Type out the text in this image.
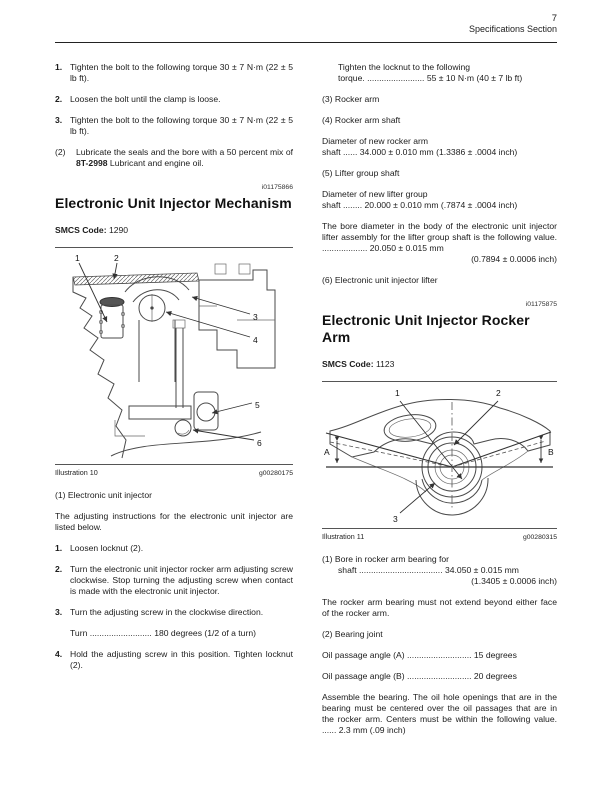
7
Specifications Section
1. Tighten the bolt to the following torque 30 ± 7 N·m (22 ± 5 lb ft).
2. Loosen the bolt until the clamp is loose.
3. Tighten the bolt to the following torque 30 ± 7 N·m (22 ± 5 lb ft).
(2)	Lubricate the seals and the bore with a 50 percent mix of 8T-2998 Lubricant and engine oil.
i01175866
Electronic Unit Injector Mechanism
SMCS Code: 1290
1	2
3
4
5
6
Illustration 10	g00280175

(1) Electronic unit injector

The adjusting instructions for the electronic unit injector are listed below.

1. Loosen locknut (2).
2. Turn the electronic unit injector rocker arm adjusting screw clockwise. Stop turning the adjusting screw when contact is made with the electronic unit injector.
3. Turn the adjusting screw in the clockwise direction.
Turn .......................... 180 degrees (1/2 of a turn)
4. Hold the adjusting screw in this position. Tighten locknut (2).
Tighten the locknut to the following
torque. ........................ 55 ± 10 N·m (40 ± 7 lb ft)

(3) Rocker arm

(4) Rocker arm shaft

Diameter of new rocker arm
shaft ...... 34.000 ± 0.010 mm (1.3386 ± .0004 inch)

(5) Lifter group shaft

Diameter of new lifter group
shaft ........ 20.000 ± 0.010 mm (.7874 ± .0004 inch)
The bore diameter in the body of the electronic unit injector lifter assembly for the lifter group shaft is the following value. ................... 20.050 ± 0.015 mm
(0.7894 ± 0.0006 inch)

(6) Electronic unit injector lifter

i01175875
Electronic Unit Injector Rocker Arm
SMCS Code: 1123
1	2
3
A	B
Illustration 11	g00280315
(1) Bore in rocker arm bearing for
shaft ................................... 34.050 ± 0.015 mm
(1.3405 ± 0.0006 inch)

The rocker arm bearing must not extend beyond either face of the rocker arm.

(2) Bearing joint

Oil passage angle (A) ........................... 15 degrees

Oil passage angle (B) ........................... 20 degrees

Assemble the bearing. The oil hole openings that are in the bearing must be centered over the oil passages that are in the rocker arm. Centers must be within the following value. ...... 2.3 mm (.09 inch)
